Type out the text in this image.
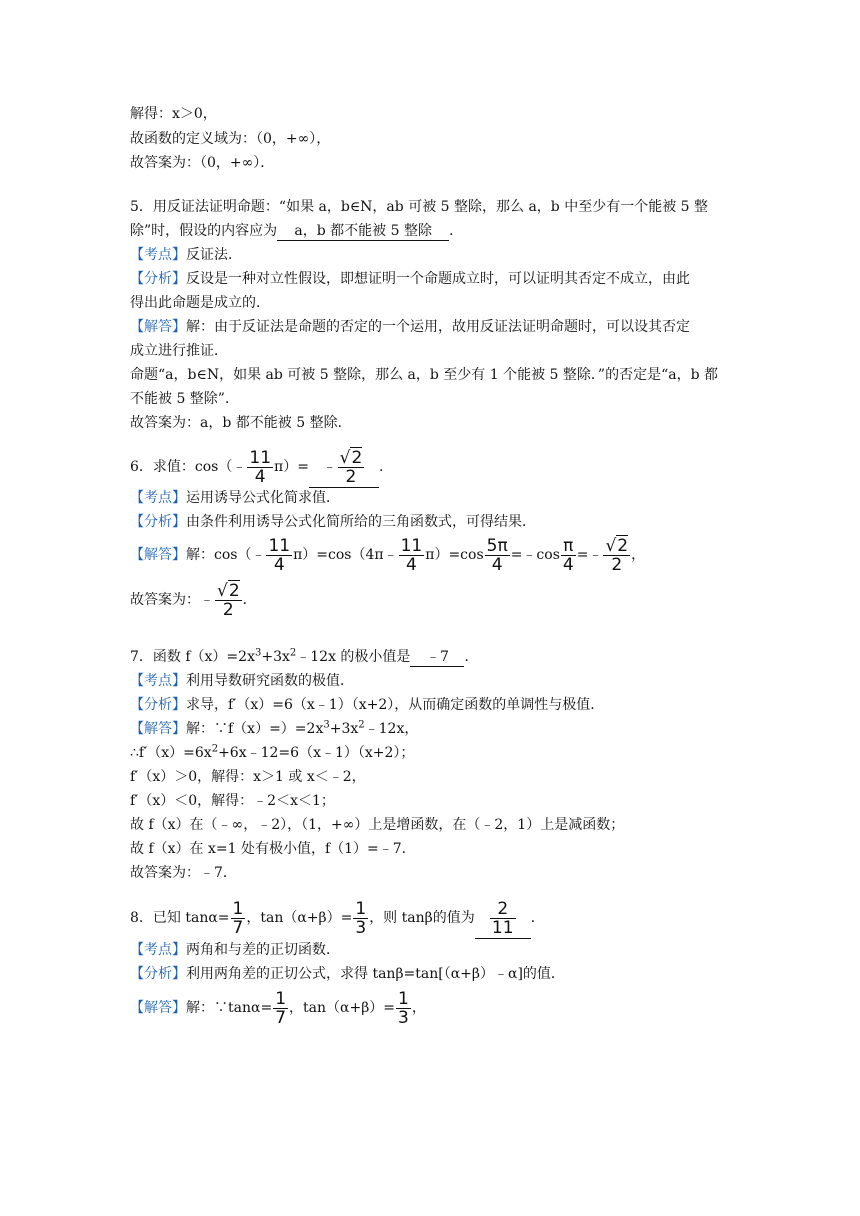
解得：x＞0，
故函数的定义域为：（0，+∞），
故答案为：（0，+∞）．
5．用反证法证明命题：“如果 a，b∈N，ab 可被 5 整除，那么 a，b 中至少有一个能被 5 整
除”时，假设的内容应为 a，b 都不能被 5 整除 ．
【考点】反证法．
【分析】反设是一种对立性假设，即想证明一个命题成立时，可以证明其否定不成立，由此
得出此命题是成立的．
【解答】解：由于反证法是命题的否定的一个运用，故用反证法证明命题时，可以设其否定
成立进行推证．
命题“a，b∈N，如果 ab 可被 5 整除，那么 a，b 至少有 1 个能被 5 整除．”的否定是“a，b 都
不能被 5 整除”．
故答案为：a，b 都不能被 5 整除．
6．求值：cos（﹣ $\frac{11}{4} \pi)=$ ﹣ $\frac{√2}{2}$ ．
【考点】运用诱导公式化简求值．
【分析】由条件利用诱导公式化简所给的三角函数式，可得结果．
【解答】解：cos（﹣ $\frac{11}{4}$ π）=cos（4π﹣ $\frac{11}{4} \pi)=\cos \frac{5\pi}{4}$ =﹣cos $\frac{\pi}{4}$ =﹣ $\frac{√2}{2}$ ，
故答案为：﹣ $\frac{√2}{2}$ ．
7．函数 $f(x)=2x^3+3x^2﹣12x$ 的极小值是 ﹣7 ．
【考点】利用导数研究函数的极值．
【分析】求导，f′（x）=6（x﹣1）（x+2），从而确定函数的单调性与极值．
【解答】解：$\because f(x)=)=2x^3+3x^2﹣12x$，
$\therefore f'(x)=6x^2+6x﹣12=6(x﹣1)(x+2)$；
f′（x）＞0，解得：x＞1 或 x＜﹣2，
f′（x）＜0，解得：﹣2＜x＜1；
故 f（x）在（﹣∞，﹣2），（1，+∞）上是增函数，在（﹣2，1）上是减函数；
故 f（x）在 x=1 处有极小值，f（1）=﹣7．
故答案为：﹣7．
8．已知 $\tan\alpha= \frac{1}{7}$ ，$\tan(\alpha+\beta)= \frac{1}{3}$ ，则 tanβ的值为 $\frac{2}{11}$ ．
【考点】两角和与差的正切函数．
【分析】利用两角差的正切公式，求得 tanβ=tan[（α+β）﹣α]的值．
【解答】解：∵tanα= $\frac{1}{7}$ ，$\tan(\alpha+\beta)= \frac{1}{3}$ ，
